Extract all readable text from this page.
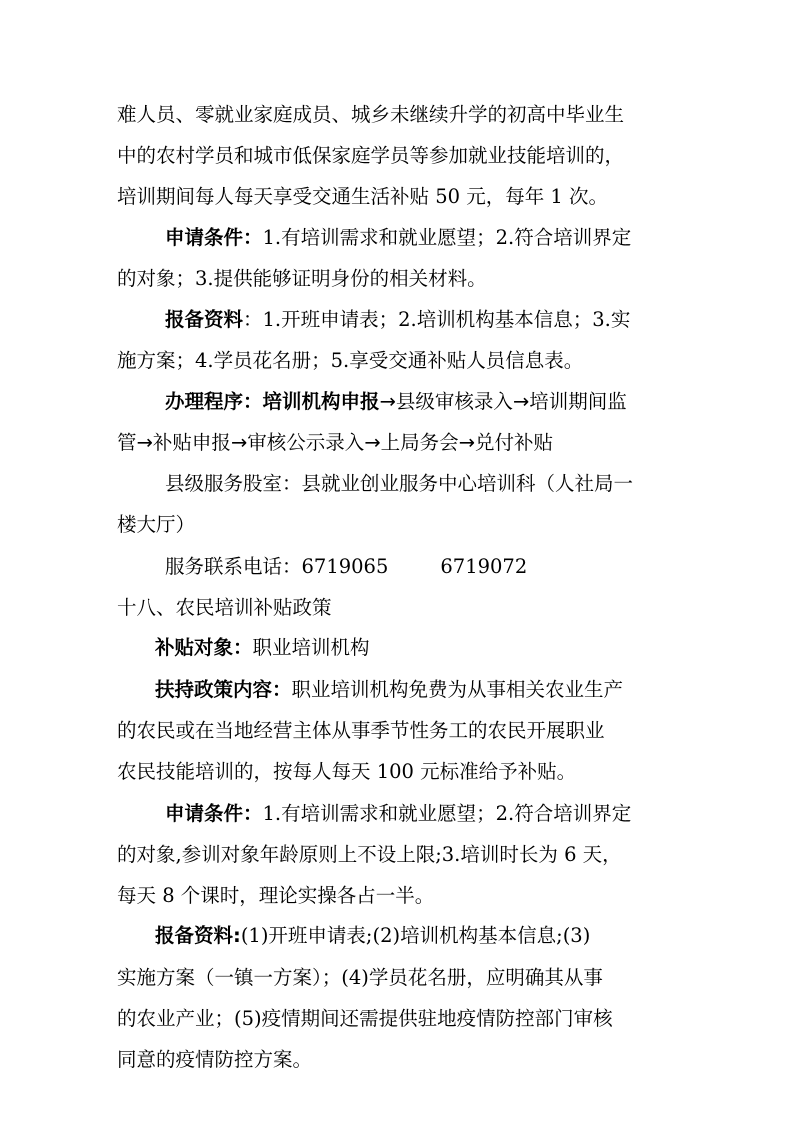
难人员、零就业家庭成员、城乡未继续升学的初高中毕业生
中的农村学员和城市低保家庭学员等参加就业技能培训的，
培训期间每人每天享受交通生活补贴 50 元，每年 1 次。
申请条件：1.有培训需求和就业愿望；2.符合培训界定
的对象；3.提供能够证明身份的相关材料。
报备资料：1.开班申请表；2.培训机构基本信息；3.实
施方案；4.学员花名册；5.享受交通补贴人员信息表。
办理程序：培训机构申报→县级审核录入→培训期间监
管→补贴申报→审核公示录入→上局务会→兑付补贴
县级服务股室：县就业创业服务中心培训科（人社局一
楼大厅）
服务联系电话：6719065	6719072
十八、农民培训补贴政策
补贴对象：职业培训机构
扶持政策内容：职业培训机构免费为从事相关农业生产
的农民或在当地经营主体从事季节性务工的农民开展职业
农民技能培训的，按每人每天 100 元标准给予补贴。
申请条件：1.有培训需求和就业愿望；2.符合培训界定
的对象,参训对象年龄原则上不设上限;3.培训时长为 6 天，
每天 8 个课时，理论实操各占一半。
报备资料:(1)开班申请表;(2)培训机构基本信息;(3)
实施方案（一镇一方案）；(4)学员花名册，应明确其从事
的农业产业；(5)疫情期间还需提供驻地疫情防控部门审核
同意的疫情防控方案。
